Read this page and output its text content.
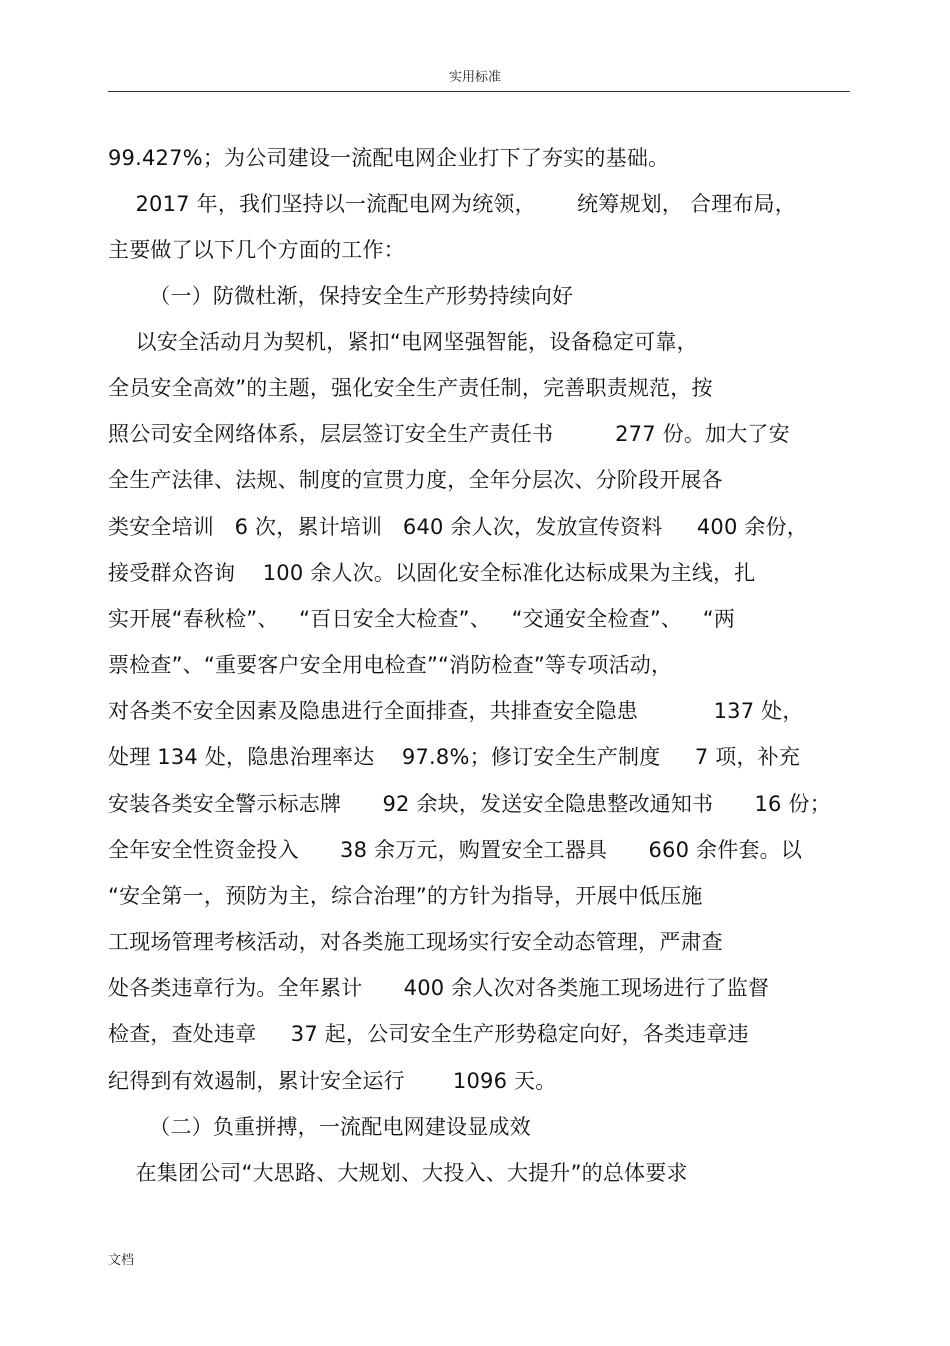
实用标准
99.427%；为公司建设一流配电网企业打下了夯实的基础。
2017 年，我们坚持以一流配电网为统领，      统筹规划， 合理布局，
主要做了以下几个方面的工作：
（一）防微杜渐，保持安全生产形势持续向好
以安全活动月为契机，紧扣“电网坚强智能，设备稳定可靠，
全员安全高效”的主题，强化安全生产责任制，完善职责规范，按
照公司安全网络体系，层层签订安全生产责任书         277 份。加大了安
全生产法律、法规、制度的宣贯力度，全年分层次、分阶段开展各
类安全培训   6 次，累计培训   640 余人次，发放宣传资料     400 余份，
接受群众咨询    100 余人次。以固化安全标准化达标成果为主线，扎
实开展“春秋检”、   “百日安全大检查”、   “交通安全检查”、   “两
票检查”、“重要客户安全用电检查”“消防检查”等专项活动，
对各类不安全因素及隐患进行全面排查，共排查安全隐患           137 处，
处理 134 处，隐患治理率达    97.8%；修订安全生产制度     7 项，补充
安装各类安全警示标志牌      92 余块，发送安全隐患整改通知书      16 份；
全年安全性资金投入      38 余万元，购置安全工器具      660 余件套。以
“安全第一，预防为主，综合治理”的方针为指导，开展中低压施
工现场管理考核活动，对各类施工现场实行安全动态管理，严肃查
处各类违章行为。全年累计      400 余人次对各类施工现场进行了监督
检查，查处违章     37 起，公司安全生产形势稳定向好，各类违章违
纪得到有效遏制，累计安全运行       1096 天。
（二）负重拼搏，一流配电网建设显成效
在集团公司“大思路、大规划、大投入、大提升”的总体要求
文档
